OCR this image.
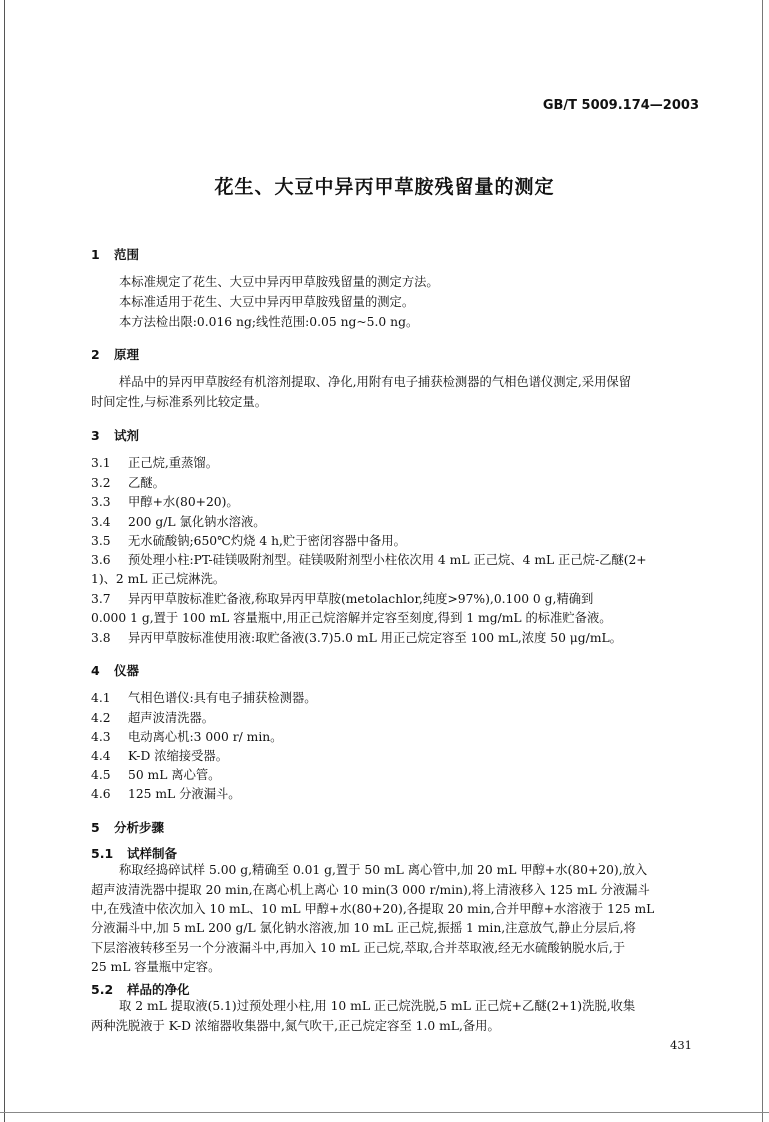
GB/T 5009.174—2003
花生、大豆中异丙甲草胺残留量的测定
1 范围
本标准规定了花生、大豆中异丙甲草胺残留量的测定方法。
本标准适用于花生、大豆中异丙甲草胺残留量的测定。
本方法检出限:0.016 ng;线性范围:0.05 ng~5.0 ng。
2 原理
样品中的异丙甲草胺经有机溶剂提取、净化,用附有电子捕获检测器的气相色谱仪测定,采用保留
时间定性,与标准系列比较定量。
3 试剂
3.1 正己烷,重蒸馏。
3.2 乙醚。
3.3 甲醇+水(80+20)。
3.4 200 g/L 氯化钠水溶液。
3.5 无水硫酸钠;650℃灼烧 4 h,贮于密闭容器中备用。
3.6 预处理小柱:PT-硅镁吸附剂型。硅镁吸附剂型小柱依次用 4 mL 正己烷、4 mL 正己烷-乙醚(2+
1)、2 mL 正己烷淋洗。
3.7 异丙甲草胺标准贮备液,称取异丙甲草胺(metolachlor,纯度>97%),0.100 0 g,精确到
0.000 1 g,置于 100 mL 容量瓶中,用正己烷溶解并定容至刻度,得到 1 mg/mL 的标准贮备液。
3.8 异丙甲草胺标准使用液:取贮备液(3.7)5.0 mL 用正己烷定容至 100 mL,浓度 50 μg/mL。
4 仪器
4.1 气相色谱仪:具有电子捕获检测器。
4.2 超声波清洗器。
4.3 电动离心机:3 000 r/ min。
4.4 K-D 浓缩接受器。
4.5 50 mL 离心管。
4.6 125 mL 分液漏斗。
5 分析步骤
5.1 试样制备
称取经捣碎试样 5.00 g,精确至 0.01 g,置于 50 mL 离心管中,加 20 mL 甲醇+水(80+20),放入
超声波清洗器中提取 20 min,在离心机上离心 10 min(3 000 r/min),将上清液移入 125 mL 分液漏斗
中,在残渣中依次加入 10 mL、10 mL 甲醇+水(80+20),各提取 20 min,合并甲醇+水溶液于 125 mL
分液漏斗中,加 5 mL 200 g/L 氯化钠水溶液,加 10 mL 正己烷,振摇 1 min,注意放气,静止分层后,将
下层溶液转移至另一个分液漏斗中,再加入 10 mL 正己烷,萃取,合并萃取液,经无水硫酸钠脱水后,于
25 mL 容量瓶中定容。
5.2 样品的净化
取 2 mL 提取液(5.1)过预处理小柱,用 10 mL 正己烷洗脱,5 mL 正己烷+乙醚(2+1)洗脱,收集
两种洗脱液于 K-D 浓缩器收集器中,氮气吹干,正己烷定容至 1.0 mL,备用。
431
